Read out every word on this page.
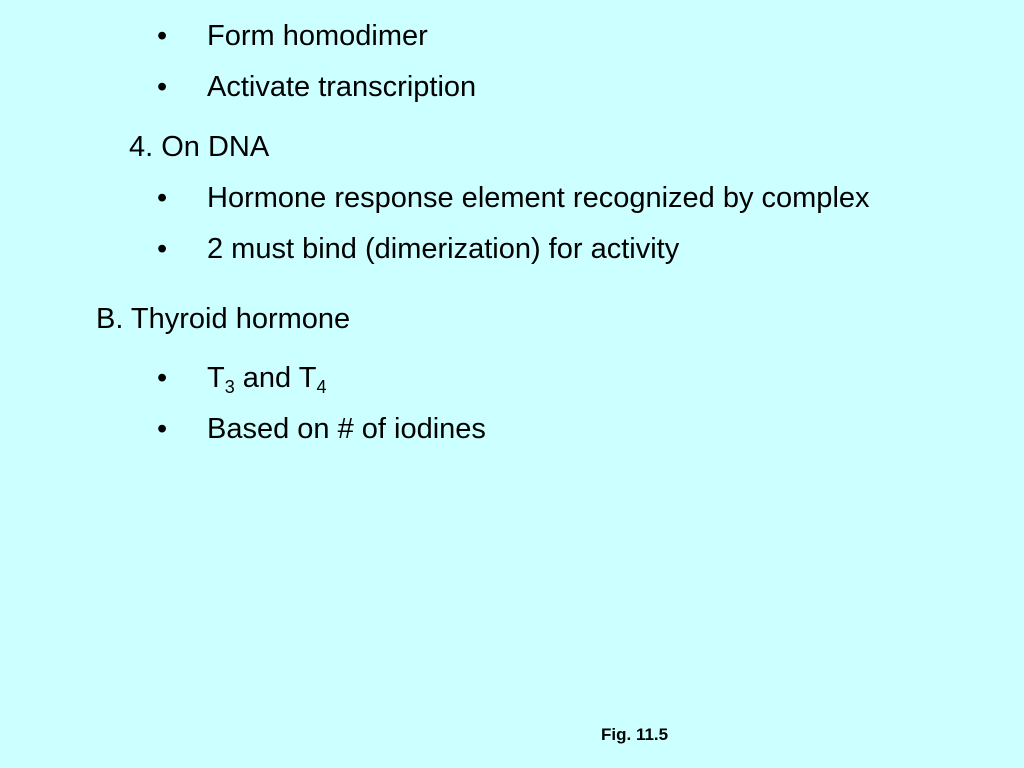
• Form homodimer
• Activate transcription
4. On DNA
• Hormone response element recognized by complex
• 2 must bind (dimerization) for activity
B. Thyroid hormone
• $T_3$ and $T_4$
• Based on # of iodines
Fig. 11.5
